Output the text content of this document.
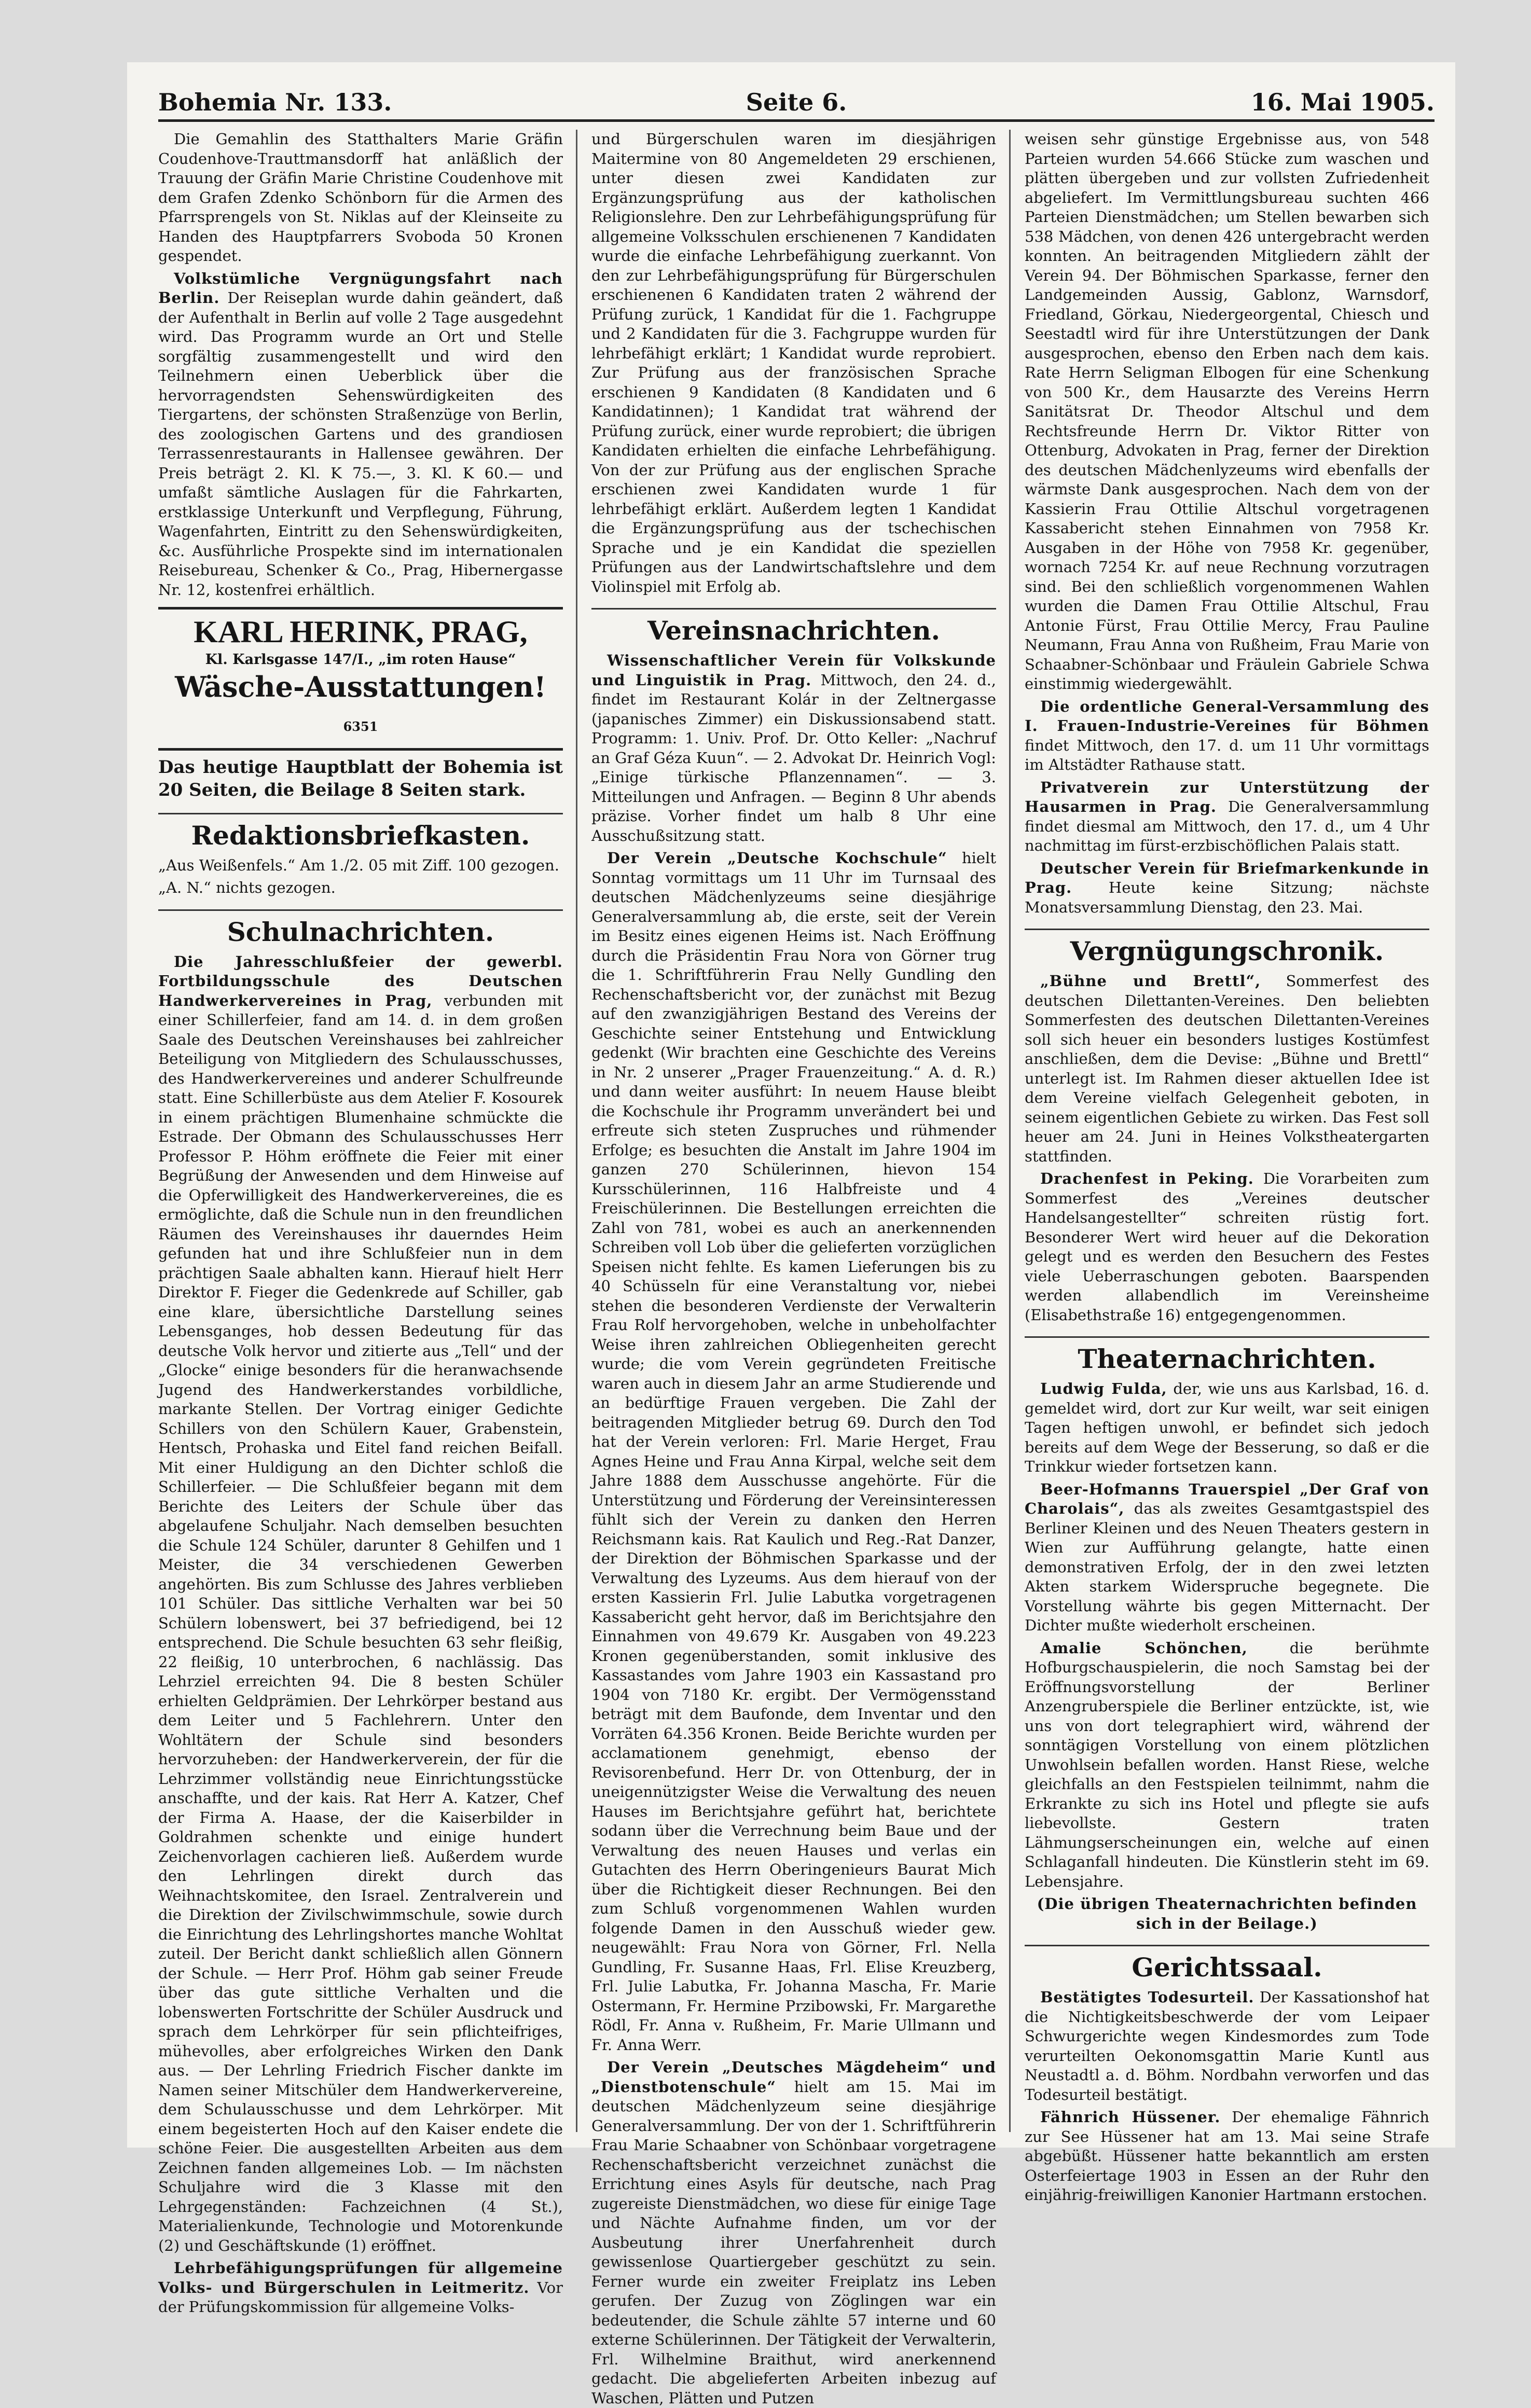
Bohemia Nr. 133.	Seite 6.	16. Mai 1905.

Die Gemahlin des Statthalters Marie Gräfin Coudenhove-Trauttmansdorff hat anläßlich der Trauung der Gräfin Marie Christine Coudenhove mit dem Grafen Zdenko Schönborn für die Armen des Pfarrsprengels von St. Niklas auf der Kleinseite zu Handen des Hauptpfarrers Svoboda 50 Kronen gespendet.

Volkstümliche Vergnügungsfahrt nach Berlin. Der Reiseplan wurde dahin geändert, daß der Aufenthalt in Berlin auf volle 2 Tage ausgedehnt wird. Das Programm wurde an Ort und Stelle sorgfältig zusammengestellt und wird den Teilnehmern einen Ueberblick über die hervorragendsten Sehenswürdigkeiten des Tiergartens, der schönsten Straßenzüge von Berlin, des zoologischen Gartens und des grandiosen Terrassenrestaurants in Hallensee gewähren. Der Preis beträgt 2. Kl. K 75.—, 3. Kl. K 60.— und umfaßt sämtliche Auslagen für die Fahrkarten, erstklassige Unterkunft und Verpflegung, Führung, Wagenfahrten, Eintritt zu den Sehenswürdigkeiten, &c. Ausführliche Prospekte sind im internationalen Reisebureau, Schenker & Co., Prag, Hibernergasse Nr. 12, kostenfrei erhältlich.

KARL HERINK, PRAG,
Kl. Karlsgasse 147/I., „im roten Hause“
Wäsche-Ausstattungen! 6351

Das heutige Hauptblatt der Bohemia ist 20 Seiten, die Beilage 8 Seiten stark.

Redaktionsbriefkasten.

„Aus Weißenfels.“ Am 1./2. 05 mit Ziff. 100 gezogen.

„A. N.“ nichts gezogen.

Schulnachrichten.

Die Jahresschlußfeier der gewerbl. Fortbildungsschule des Deutschen Handwerkervereines in Prag, verbunden mit einer Schillerfeier, fand am 14. d. in dem großen Saale des Deutschen Vereinshauses bei zahlreicher Beteiligung von Mitgliedern des Schulausschusses, des Handwerkervereines und anderer Schulfreunde statt. Eine Schillerbüste aus dem Atelier F. Kosourek in einem prächtigen Blumenhaine schmückte die Estrade. Der Obmann des Schulausschusses Herr Professor P. Höhm eröffnete die Feier mit einer Begrüßung der Anwesenden und dem Hinweise auf die Opferwilligkeit des Handwerkervereines, die es ermöglichte, daß die Schule nun in den freundlichen Räumen des Vereinshauses ihr dauerndes Heim gefunden hat und ihre Schlußfeier nun in dem prächtigen Saale abhalten kann. Hierauf hielt Herr Direktor F. Fieger die Gedenkrede auf Schiller, gab eine klare, übersichtliche Darstellung seines Lebensganges, hob dessen Bedeutung für das deutsche Volk hervor und zitierte aus „Tell“ und der „Glocke“ einige besonders für die heranwachsende Jugend des Handwerkerstandes vorbildliche, markante Stellen. Der Vortrag einiger Gedichte Schillers von den Schülern Kauer, Grabenstein, Hentsch, Prohaska und Eitel fand reichen Beifall. Mit einer Huldigung an den Dichter schloß die Schillerfeier. — Die Schlußfeier begann mit dem Berichte des Leiters der Schule über das abgelaufene Schuljahr. Nach demselben besuchten die Schule 124 Schüler, darunter 8 Gehilfen und 1 Meister, die 34 verschiedenen Gewerben angehörten. Bis zum Schlusse des Jahres verblieben 101 Schüler. Das sittliche Verhalten war bei 50 Schülern lobenswert, bei 37 befriedigend, bei 12 entsprechend. Die Schule besuchten 63 sehr fleißig, 22 fleißig, 10 unterbrochen, 6 nachlässig. Das Lehrziel erreichten 94. Die 8 besten Schüler erhielten Geldprämien. Der Lehrkörper bestand aus dem Leiter und 5 Fachlehrern. Unter den Wohltätern der Schule sind besonders hervorzuheben: der Handwerkerverein, der für die Lehrzimmer vollständig neue Einrichtungsstücke anschaffte, und der kais. Rat Herr A. Katzer, Chef der Firma A. Haase, der die Kaiserbilder in Goldrahmen schenkte und einige hundert Zeichenvorlagen cachieren ließ. Außerdem wurde den Lehrlingen direkt durch das Weihnachtskomitee, den Israel. Zentralverein und die Direktion der Zivilschwimmschule, sowie durch die Einrichtung des Lehrlingshortes manche Wohltat zuteil. Der Bericht dankt schließlich allen Gönnern der Schule. — Herr Prof. Höhm gab seiner Freude über das gute sittliche Verhalten und die lobenswerten Fortschritte der Schüler Ausdruck und sprach dem Lehrkörper für sein pflichteifriges, mühevolles, aber erfolgreiches Wirken den Dank aus. — Der Lehrling Friedrich Fischer dankte im Namen seiner Mitschüler dem Handwerkervereine, dem Schulausschusse und dem Lehrkörper. Mit einem begeisterten Hoch auf den Kaiser endete die schöne Feier. Die ausgestellten Arbeiten aus dem Zeichnen fanden allgemeines Lob. — Im nächsten Schuljahre wird die 3 Klasse mit den Lehrgegenständen: Fachzeichnen (4 St.), Materialienkunde, Technologie und Motorenkunde (2) und Geschäftskunde (1) eröffnet.

Lehrbefähigungsprüfungen für allgemeine Volks- und Bürgerschulen in Leitmeritz. Vor der Prüfungskommission für allgemeine Volks-

und Bürgerschulen waren im diesjährigen Maitermine von 80 Angemeldeten 29 erschienen, unter diesen zwei Kandidaten zur Ergänzungsprüfung aus der katholischen Religionslehre. Den zur Lehrbefähigungsprüfung für allgemeine Volksschulen erschienenen 7 Kandidaten wurde die einfache Lehrbefähigung zuerkannt. Von den zur Lehrbefähigungsprüfung für Bürgerschulen erschienenen 6 Kandidaten traten 2 während der Prüfung zurück, 1 Kandidat für die 1. Fachgruppe und 2 Kandidaten für die 3. Fachgruppe wurden für lehrbefähigt erklärt; 1 Kandidat wurde reprobiert. Zur Prüfung aus der französischen Sprache erschienen 9 Kandidaten (8 Kandidaten und 6 Kandidatinnen); 1 Kandidat trat während der Prüfung zurück, einer wurde reprobiert; die übrigen Kandidaten erhielten die einfache Lehrbefähigung. Von der zur Prüfung aus der englischen Sprache erschienen zwei Kandidaten wurde 1 für lehrbefähigt erklärt. Außerdem legten 1 Kandidat die Ergänzungsprüfung aus der tschechischen Sprache und je ein Kandidat die speziellen Prüfungen aus der Landwirtschaftslehre und dem Violinspiel mit Erfolg ab.

Vereinsnachrichten.

Wissenschaftlicher Verein für Volkskunde und Linguistik in Prag. Mittwoch, den 24. d., findet im Restaurant Kolár in der Zeltnergasse (japanisches Zimmer) ein Diskussionsabend statt. Programm: 1. Univ. Prof. Dr. Otto Keller: „Nachruf an Graf Géza Kuun“. — 2. Advokat Dr. Heinrich Vogl: „Einige türkische Pflanzennamen“. — 3. Mitteilungen und Anfragen. — Beginn 8 Uhr abends präzise. Vorher findet um halb 8 Uhr eine Ausschußsitzung statt.

Der Verein „Deutsche Kochschule“ hielt Sonntag vormittags um 11 Uhr im Turnsaal des deutschen Mädchenlyzeums seine diesjährige Generalversammlung ab, die erste, seit der Verein im Besitz eines eigenen Heims ist. Nach Eröffnung durch die Präsidentin Frau Nora von Görner trug die 1. Schriftführerin Frau Nelly Gundling den Rechenschaftsbericht vor, der zunächst mit Bezug auf den zwanzigjährigen Bestand des Vereins der Geschichte seiner Entstehung und Entwicklung gedenkt (Wir brachten eine Geschichte des Vereins in Nr. 2 unserer „Prager Frauenzeitung.“ A. d. R.) und dann weiter ausführt: In neuem Hause bleibt die Kochschule ihr Programm unverändert bei und erfreute sich steten Zuspruches und rühmender Erfolge; es besuchten die Anstalt im Jahre 1904 im ganzen 270 Schülerinnen, hievon 154 Kursschülerinnen, 116 Halbfreiste und 4 Freischülerinnen. Die Bestellungen erreichten die Zahl von 781, wobei es auch an anerkennenden Schreiben voll Lob über die gelieferten vorzüglichen Speisen nicht fehlte. Es kamen Lieferungen bis zu 40 Schüsseln für eine Veranstaltung vor, niebei stehen die besonderen Verdienste der Verwalterin Frau Rolf hervorgehoben, welche in unbeholfachter Weise ihren zahlreichen Obliegenheiten gerecht wurde; die vom Verein gegründeten Freitische waren auch in diesem Jahr an arme Studierende und an bedürftige Frauen vergeben. Die Zahl der beitragenden Mitglieder betrug 69. Durch den Tod hat der Verein verloren: Frl. Marie Herget, Frau Agnes Heine und Frau Anna Kirpal, welche seit dem Jahre 1888 dem Ausschusse angehörte. Für die Unterstützung und Förderung der Vereinsinteressen fühlt sich der Verein zu danken den Herren Reichsmann kais. Rat Kaulich und Reg.-Rat Danzer, der Direktion der Böhmischen Sparkasse und der Verwaltung des Lyzeums. Aus dem hierauf von der ersten Kassierin Frl. Julie Labutka vorgetragenen Kassabericht geht hervor, daß im Berichtsjahre den Einnahmen von 49.679 Kr. Ausgaben von 49.223 Kronen gegenüberstanden, somit inklusive des Kassastandes vom Jahre 1903 ein Kassastand pro 1904 von 7180 Kr. ergibt. Der Vermögensstand beträgt mit dem Baufonde, dem Inventar und den Vorräten 64.356 Kronen. Beide Berichte wurden per acclamationem genehmigt, ebenso der Revisorenbefund. Herr Dr. von Ottenburg, der in uneigennützigster Weise die Verwaltung des neuen Hauses im Berichtsjahre geführt hat, berichtete sodann über die Verrechnung beim Baue und der Verwaltung des neuen Hauses und verlas ein Gutachten des Herrn Oberingenieurs Baurat Mich über die Richtigkeit dieser Rechnungen. Bei den zum Schluß vorgenommenen Wahlen wurden folgende Damen in den Ausschuß wieder gew. neugewählt: Frau Nora von Görner, Frl. Nella Gundling, Fr. Susanne Haas, Frl. Elise Kreuzberg, Frl. Julie Labutka, Fr. Johanna Mascha, Fr. Marie Ostermann, Fr. Hermine Przibowski, Fr. Margarethe Rödl, Fr. Anna v. Rußheim, Fr. Marie Ullmann und Fr. Anna Werr.

Der Verein „Deutsches Mägdeheim“ und „Dienstbotenschule“ hielt am 15. Mai im deutschen Mädchenlyzeum seine diesjährige Generalversammlung. Der von der 1. Schriftführerin Frau Marie Schaabner von Schönbaar vorgetragene Rechenschaftsbericht verzeichnet zunächst die Errichtung eines Asyls für deutsche, nach Prag zugereiste Dienstmädchen, wo diese für einige Tage und Nächte Aufnahme finden, um vor der Ausbeutung ihrer Unerfahrenheit durch gewissenlose Quartiergeber geschützt zu sein. Ferner wurde ein zweiter Freiplatz ins Leben gerufen. Der Zuzug von Zöglingen war ein bedeutender, die Schule zählte 57 interne und 60 externe Schülerinnen. Der Tätigkeit der Verwalterin, Frl. Wilhelmine Braithut, wird anerkennend gedacht. Die abgelieferten Arbeiten inbezug auf Waschen, Plätten und Putzen

weisen sehr günstige Ergebnisse aus, von 548 Parteien wurden 54.666 Stücke zum waschen und plätten übergeben und zur vollsten Zufriedenheit abgeliefert. Im Vermittlungsbureau suchten 466 Parteien Dienstmädchen; um Stellen bewarben sich 538 Mädchen, von denen 426 untergebracht werden konnten. An beitragenden Mitgliedern zählt der Verein 94. Der Böhmischen Sparkasse, ferner den Landgemeinden Aussig, Gablonz, Warnsdorf, Friedland, Görkau, Niedergeorgental, Chiesch und Seestadtl wird für ihre Unterstützungen der Dank ausgesprochen, ebenso den Erben nach dem kais. Rate Herrn Seligman Elbogen für eine Schenkung von 500 Kr., dem Hausarzte des Vereins Herrn Sanitätsrat Dr. Theodor Altschul und dem Rechtsfreunde Herrn Dr. Viktor Ritter von Ottenburg, Advokaten in Prag, ferner der Direktion des deutschen Mädchenlyzeums wird ebenfalls der wärmste Dank ausgesprochen. Nach dem von der Kassierin Frau Ottilie Altschul vorgetragenen Kassabericht stehen Einnahmen von 7958 Kr. Ausgaben in der Höhe von 7958 Kr. gegenüber, wornach 7254 Kr. auf neue Rechnung vorzutragen sind. Bei den schließlich vorgenommenen Wahlen wurden die Damen Frau Ottilie Altschul, Frau Antonie Fürst, Frau Ottilie Mercy, Frau Pauline Neumann, Frau Anna von Rußheim, Frau Marie von Schaabner-Schönbaar und Fräulein Gabriele Schwa einstimmig wiedergewählt.

Die ordentliche General-Versammlung des I. Frauen-Industrie-Vereines für Böhmen findet Mittwoch, den 17. d. um 11 Uhr vormittags im Altstädter Rathause statt.

Privatverein zur Unterstützung der Hausarmen in Prag. Die Generalversammlung findet diesmal am Mittwoch, den 17. d., um 4 Uhr nachmittag im fürst-erzbischöflichen Palais statt.

Deutscher Verein für Briefmarkenkunde in Prag. Heute keine Sitzung; nächste Monatsversammlung Dienstag, den 23. Mai.

Vergnügungschronik.

„Bühne und Brettl“, Sommerfest des deutschen Dilettanten-Vereines. Den beliebten Sommerfesten des deutschen Dilettanten-Vereines soll sich heuer ein besonders lustiges Kostümfest anschließen, dem die Devise: „Bühne und Brettl“ unterlegt ist. Im Rahmen dieser aktuellen Idee ist dem Vereine vielfach Gelegenheit geboten, in seinem eigentlichen Gebiete zu wirken. Das Fest soll heuer am 24. Juni in Heines Volkstheatergarten stattfinden.

Drachenfest in Peking. Die Vorarbeiten zum Sommerfest des „Vereines deutscher Handelsangestellter“ schreiten rüstig fort. Besonderer Wert wird heuer auf die Dekoration gelegt und es werden den Besuchern des Festes viele Ueberraschungen geboten. Baarspenden werden allabendlich im Vereinsheime (Elisabethstraße 16) entgegengenommen.

Theaternachrichten.

Ludwig Fulda, der, wie uns aus Karlsbad, 16. d. gemeldet wird, dort zur Kur weilt, war seit einigen Tagen heftigen unwohl, er befindet sich jedoch bereits auf dem Wege der Besserung, so daß er die Trinkkur wieder fortsetzen kann.

Beer-Hofmanns Trauerspiel „Der Graf von Charolais“, das als zweites Gesamtgastspiel des Berliner Kleinen und des Neuen Theaters gestern in Wien zur Aufführung gelangte, hatte einen demonstrativen Erfolg, der in den zwei letzten Akten starkem Widerspruche begegnete. Die Vorstellung währte bis gegen Mitternacht. Der Dichter mußte wiederholt erscheinen.

Amalie Schönchen,	die berühmte Hofburgschauspielerin, die noch Samstag bei der Eröffnungsvorstellung der Berliner Anzengruberspiele die Berliner entzückte, ist, wie uns von dort telegraphiert wird, während der sonntägigen Vorstellung von einem plötzlichen Unwohlsein befallen worden. Hanst Riese, welche gleichfalls an den Festspielen teilnimmt, nahm die Erkrankte zu sich ins Hotel und pflegte sie aufs liebevollste. Gestern traten Lähmungserscheinungen ein, welche auf einen Schlaganfall hindeuten. Die Künstlerin steht im 69. Lebensjahre.

(Die übrigen Theaternachrichten befinden sich in der Beilage.)

Gerichtssaal.

Bestätigtes Todesurteil. Der Kassationshof hat die Nichtigkeitsbeschwerde der vom Leipaer Schwurgerichte wegen Kindesmordes zum Tode verurteilten Oekonomsgattin Marie Kuntl aus Neustadtl a. d. Böhm. Nordbahn verworfen und das Todesurteil bestätigt.

Fähnrich Hüssener. Der ehemalige Fähnrich zur See Hüssener hat am 13. Mai seine Strafe abgebüßt. Hüssener hatte bekanntlich am ersten Osterfeiertage 1903 in Essen an der Ruhr den einjährig-freiwilligen Kanonier Hartmann erstochen.
